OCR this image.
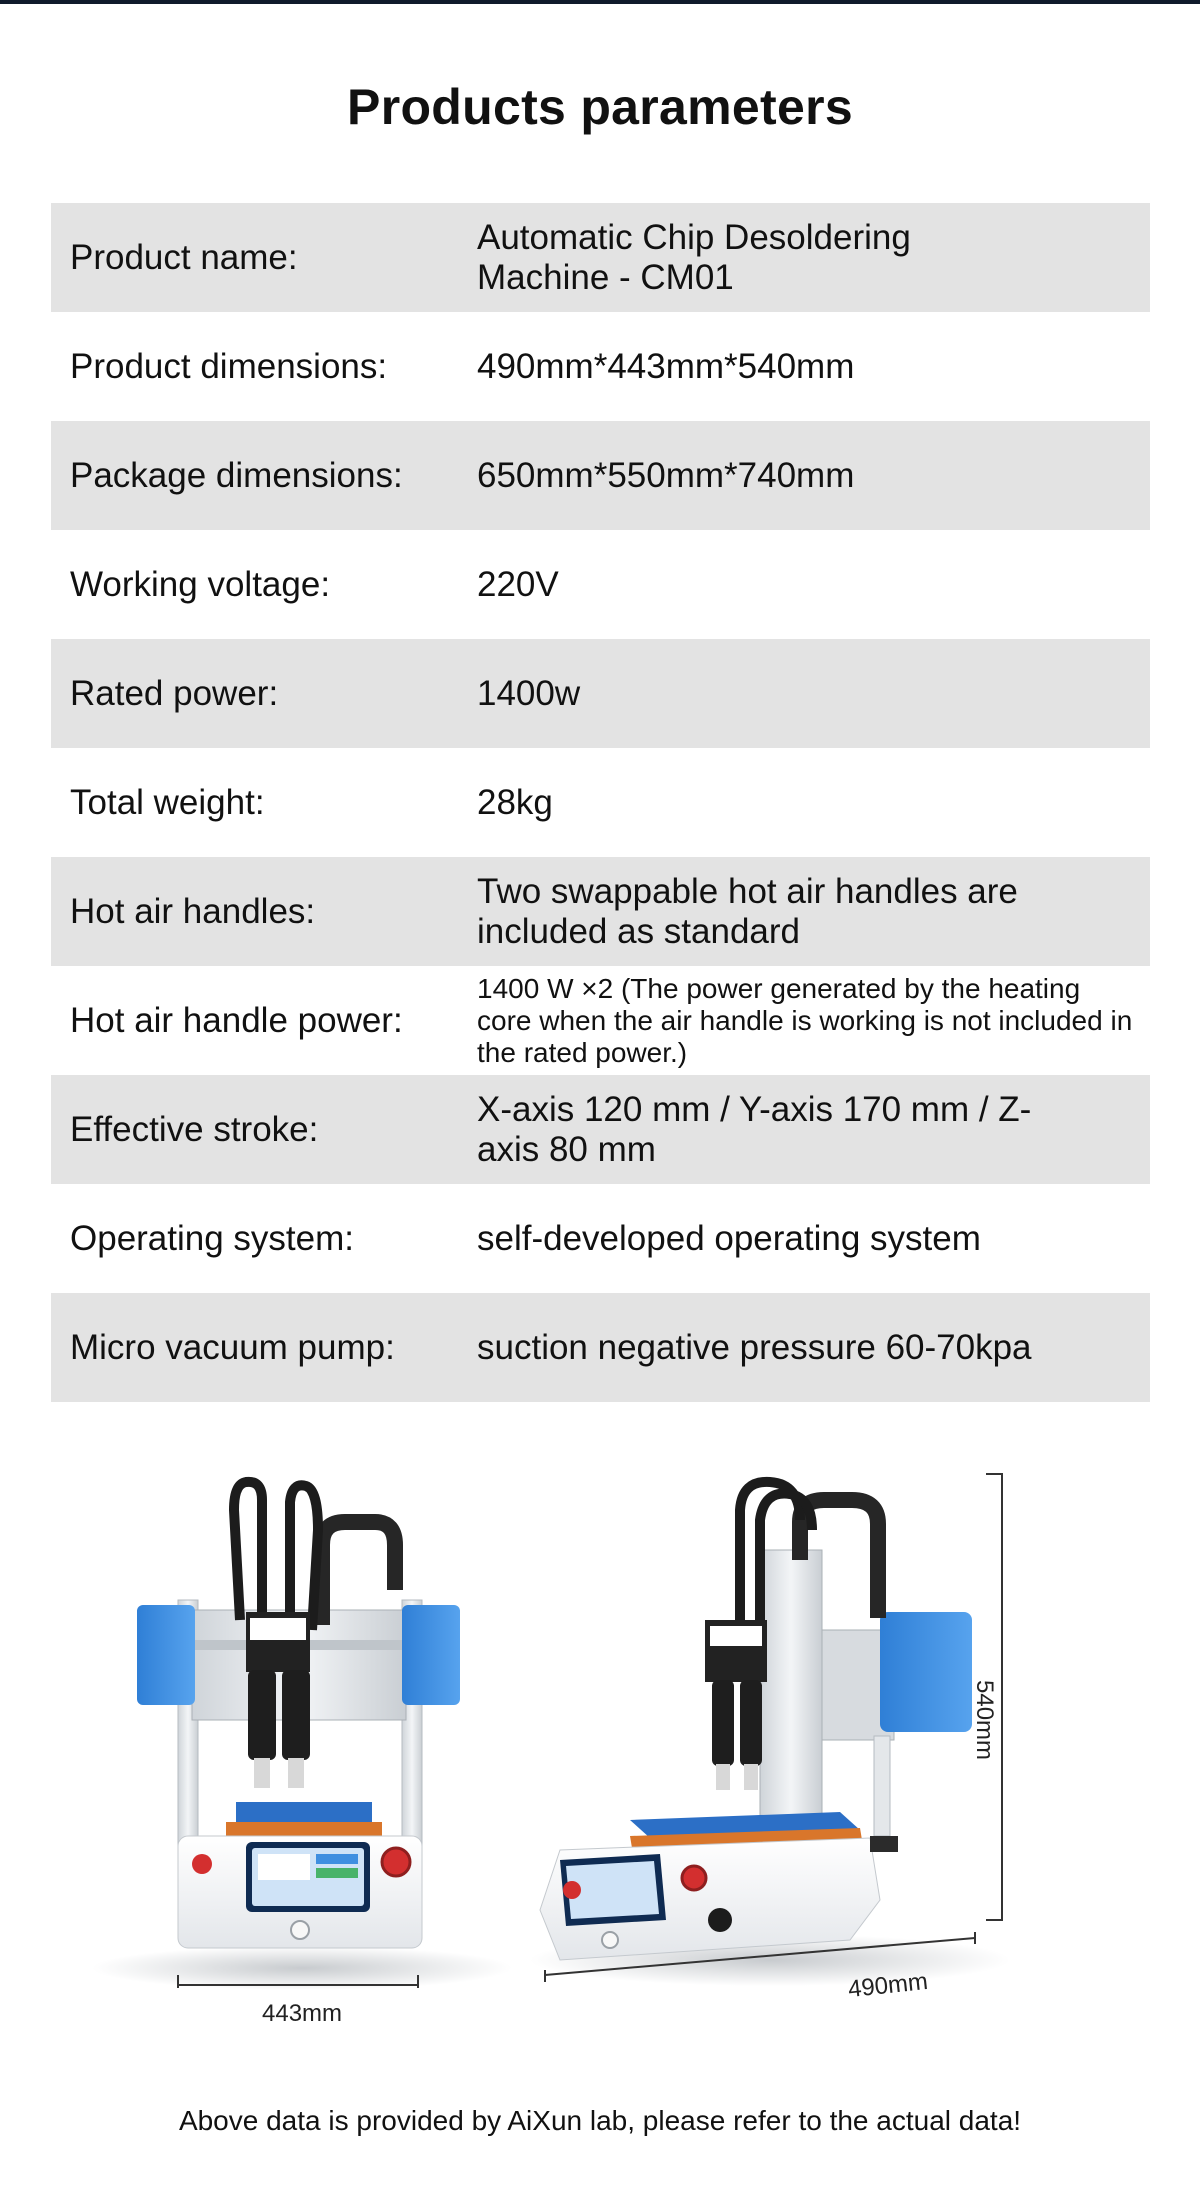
Products parameters
Product name:
Automatic Chip Desoldering Machine - CM01
Product dimensions:	490mm*443mm*540mm
Package dimensions:	650mm*550mm*740mm
Working voltage:	220V
Rated power:	1400w
Total weight:	28kg
Hot air handles:
Two swappable hot air handles are included as standard
Hot air handle power:
1400 W ×2 (The power generated by the heating core when the air handle is working is not included in the rated power.)
Effective stroke:
X-axis 120 mm / Y-axis 170 mm / Z-axis 80 mm
Operating system:	self-developed operating system
Micro vacuum pump:	suction negative pressure 60-70kpa
443mm
490mm
540mm
Above data is provided by AiXun lab, please refer to the actual data!
